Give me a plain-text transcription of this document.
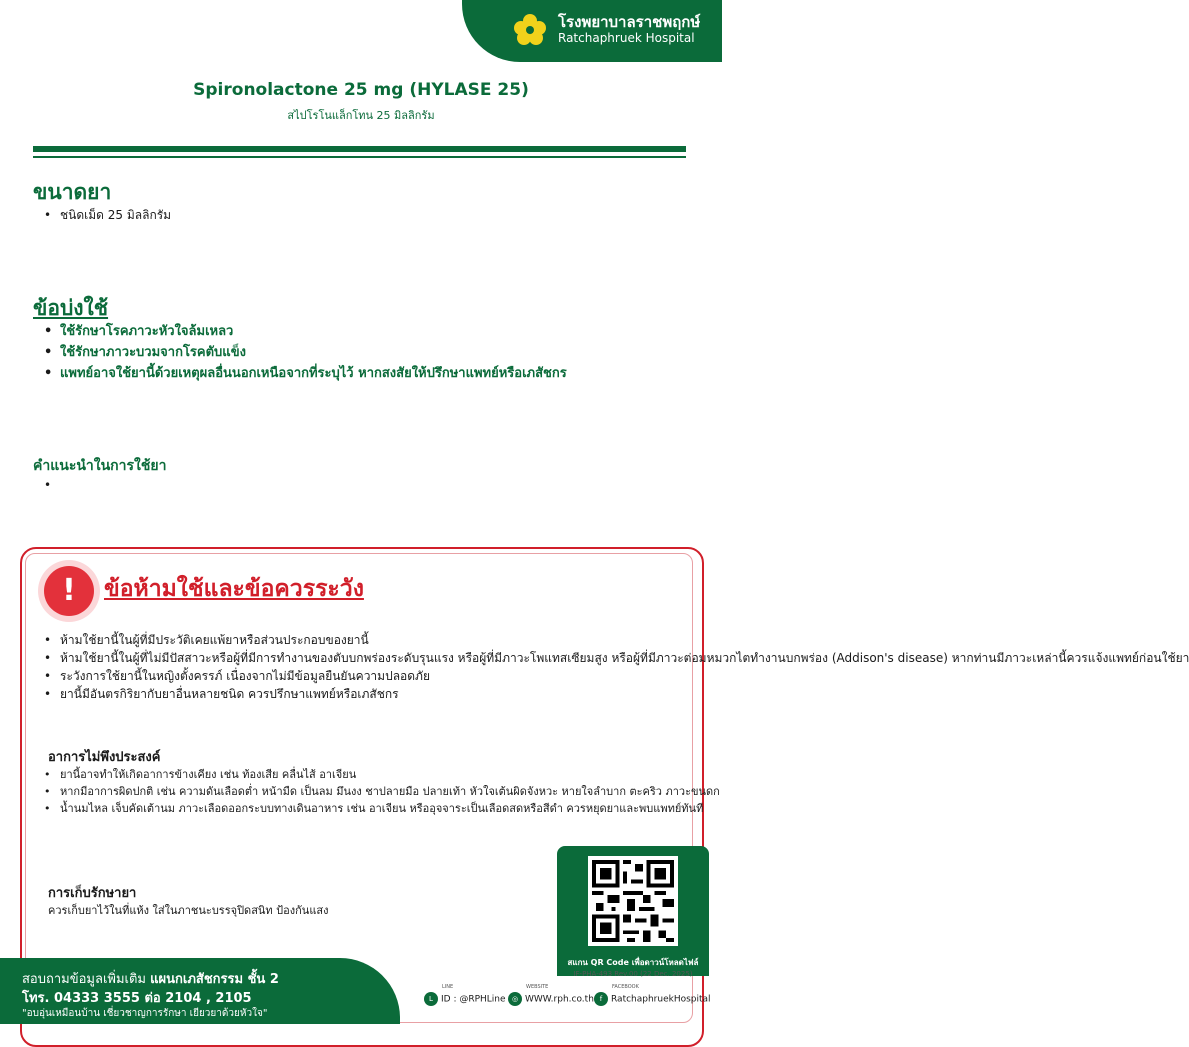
โรงพยาบาลราชพฤกษ์
Ratchaphruek Hospital
Spironolactone 25 mg (HYLASE 25)
สไปโรโนแล็กโทน 25 มิลลิกรัม
ขนาดยา
• ชนิดเม็ด 25 มิลลิกรัม
ข้อบ่งใช้
• ใช้รักษาโรคภาวะหัวใจล้มเหลว
• ใช้รักษาภาวะบวมจากโรคตับแข็ง
• แพทย์อาจใช้ยานี้ด้วยเหตุผลอื่นนอกเหนือจากที่ระบุไว้ หากสงสัยให้ปรึกษาแพทย์หรือเภสัชกร
คำแนะนำในการใช้ยา
!	ข้อห้ามใช้และข้อควรระวัง
• ห้ามใช้ยานี้ในผู้ที่มีประวัติเคยแพ้ยาหรือส่วนประกอบของยานี้
• ห้ามใช้ยานี้ในผู้ที่ไม่มีปัสสาวะหรือผู้ที่มีการทำงานของตับบกพร่องระดับรุนแรง หรือผู้ที่มีภาวะโพแทสเซียมสูง หรือผู้ที่มีภาวะต่อมหมวกไตทำงานบกพร่อง (Addison's disease) หากท่านมีภาวะเหล่านี้ควรแจ้งแพทย์ก่อนใช้ยา
• ระวังการใช้ยานี้ในหญิงตั้งครรภ์ เนื่องจากไม่มีข้อมูลยืนยันความปลอดภัย
• ยานี้มีอันตรกิริยากับยาอื่นหลายชนิด ควรปรึกษาแพทย์หรือเภสัชกร
อาการไม่พึงประสงค์
• ยานี้อาจทำให้เกิดอาการข้างเคียง เช่น ท้องเสีย คลื่นไส้ อาเจียน
• หากมีอาการผิดปกติ เช่น ความดันเลือดต่ำ หน้ามืด เป็นลม มึนงง ชาปลายมือ ปลายเท้า หัวใจเต้นผิดจังหวะ หายใจลำบาก ตะคริว ภาวะขนดก
• น้ำนมไหล เจ็บคัดเต้านม ภาวะเลือดออกระบบทางเดินอาหาร เช่น อาเจียน หรืออุจจาระเป็นเลือดสดหรือสีดำ ควรหยุดยาและพบแพทย์ทันที
การเก็บรักษายา
ควรเก็บยาไว้ในที่แห้ง ใส่ในภาชนะบรรจุปิดสนิท ป้องกันแสง
สแกน QR Code เพื่อดาวน์โหลดไฟล์
IF-PHA-493 Rev.00 (22 Dec. 2025)
สอบถามข้อมูลเพิ่มเติม แผนกเภสัชกรรม ชั้น 2
โทร. 04333 3555 ต่อ 2104 , 2105
"อบอุ่นเหมือนบ้าน เชี่ยวชาญการรักษา เยียวยาด้วยหัวใจ"
LINE
L ID : @RPHLine
WEBSITE
◎ WWW.rph.co.th
FACEBOOK
f RatchaphruekHospital
